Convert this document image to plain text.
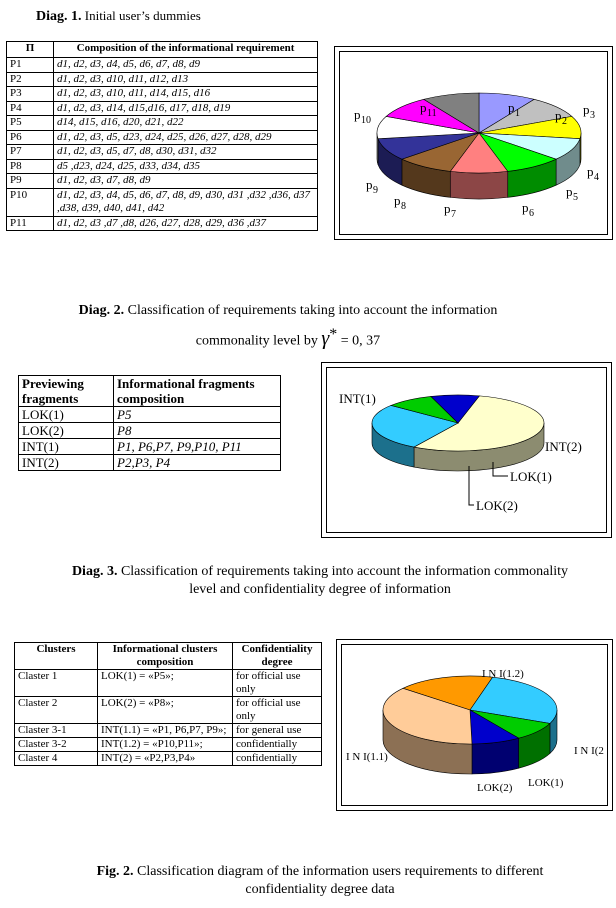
Diag. 1. Initial user’s dummies
П	Composition of the informational requirement
P1	d1, d2, d3, d4, d5, d6, d7, d8, d9
P2	d1, d2, d3, d10, d11, d12, d13
P3	d1, d2, d3, d10, d11, d14, d15, d16
P4	d1, d2, d3, d14, d15,d16, d17, d18, d19
P5	d14, d15, d16, d20, d21, d22
P6	d1, d2, d3, d5, d23, d24, d25, d26, d27, d28, d29
P7	d1, d2, d3, d5, d7, d8, d30, d31, d32
P8	d5 ,d23, d24, d25, d33, d34, d35
P9	d1, d2, d3, d7, d8, d9
P10	d1, d2, d3, d4, d5, d6, d7, d8, d9, d30, d31 ,d32 ,d36, d37 ,d38, d39, d40, d41, d42
P11	d1, d2, d3 ,d7 ,d8, d26, d27, d28, d29, d36 ,d37
p 1	p 2
p 3
p 4
p 5
p 6
p 7
p 8
p 9
p 10
p 11
Diag. 2. Classification of requirements taking into account the information
commonality level by γ* = 0, 37
Previewing fragments	Informational fragments composition
LOK(1)	P5
LOK(2)	P8
INT(1)	P1, P6,P7, P9,P10, P11
INT(2)	P2,P3, P4
INT(1)
INT(2)
LOK(1)
LOK(2)
Diag. 3. Classification of requirements taking into account the information commonality
level and confidentiality degree of information
Clusters	Informational clusters composition	Confidentiality degree
Claster 1	LOK(1) = «P5»;	for official use only
Claster 2	LOK(2) = «P8»;	for official use only
Claster 3-1	INT(1.1) = «P1, P6,P7, P9»;	for general use
Claster 3-2	INT(1.2) = «P10,P11»;	confidentially
Claster 4	INT(2) = «P2,P3,P4»	confidentially
I N I(1.2)
I N I(2
LOK(1)
LOK(2)
I N I(1.1)
Fig. 2. Classification diagram of the information users requirements to different
confidentiality degree data
